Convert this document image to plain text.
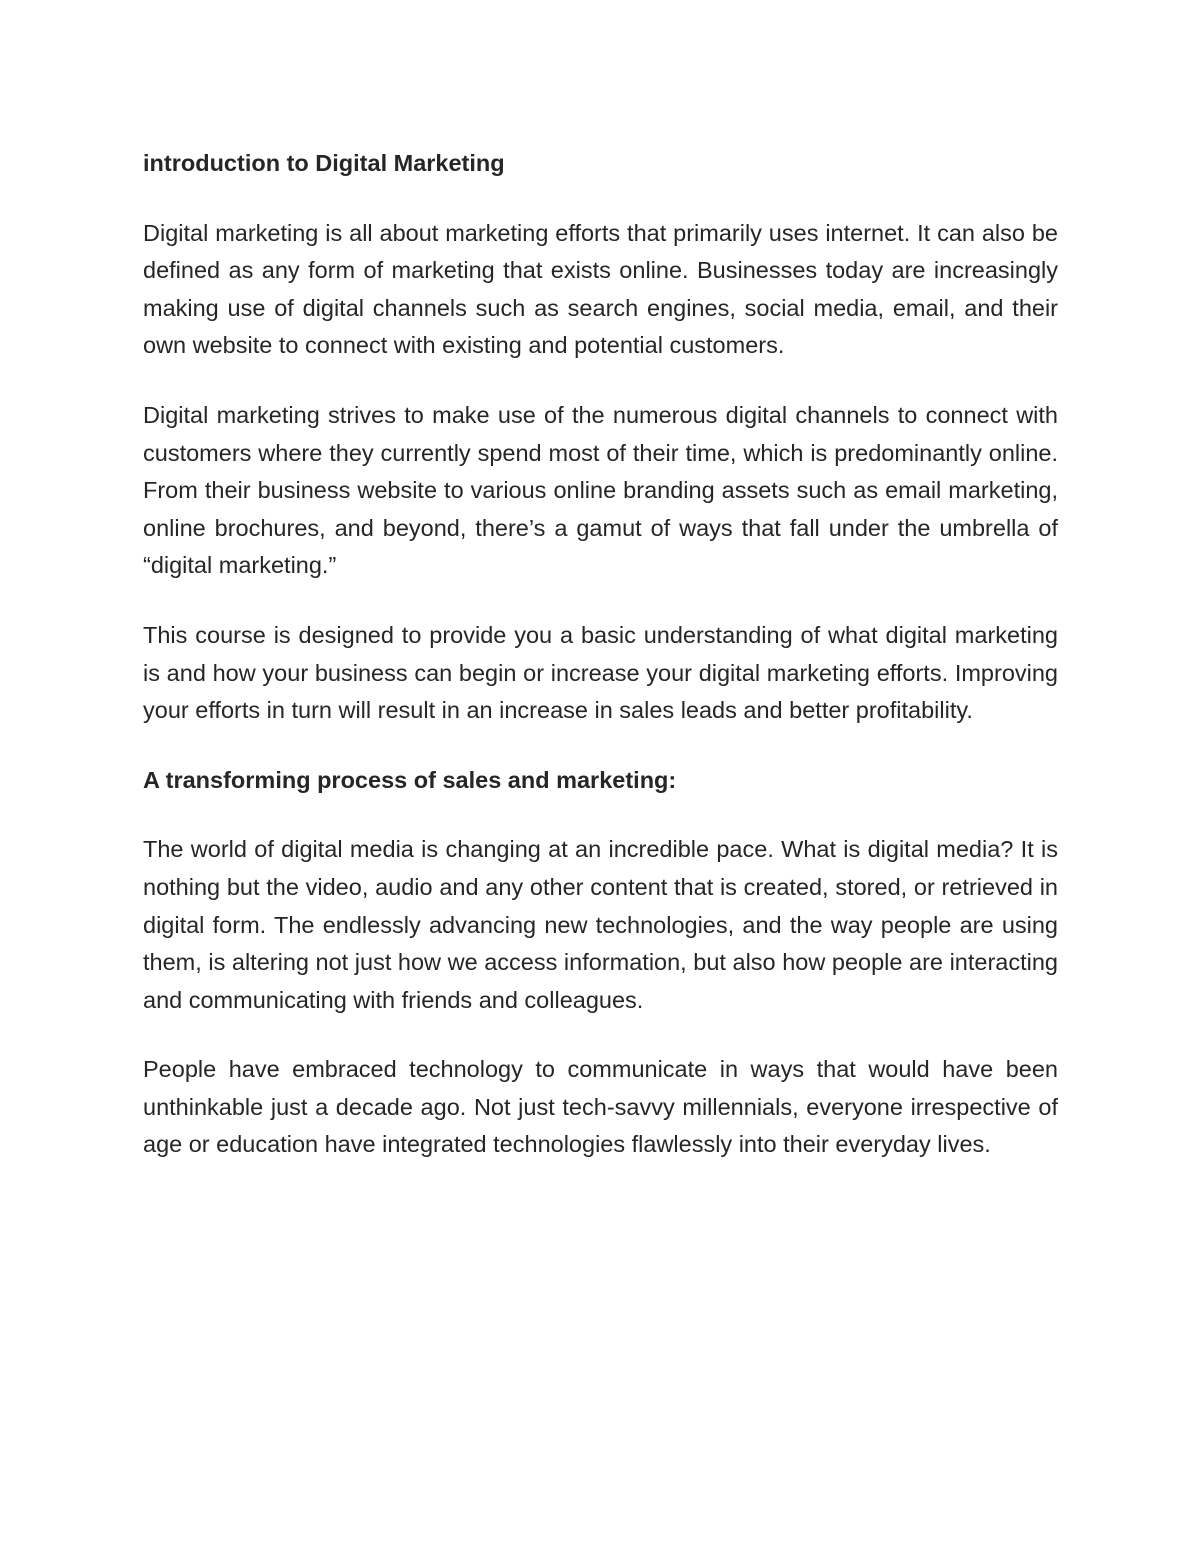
introduction to Digital Marketing

Digital marketing is all about marketing efforts that primarily uses internet. It can also be defined as any form of marketing that exists online. Businesses today are increasingly making use of digital channels such as search engines, social media, email, and their own website to connect with existing and potential customers.

Digital marketing strives to make use of the numerous digital channels to connect with customers where they currently spend most of their time, which is predominantly online. From their business website to various online branding assets such as email marketing, online brochures, and beyond, there’s a gamut of ways that fall under the umbrella of “digital marketing.”

This course is designed to provide you a basic understanding of what digital marketing is and how your business can begin or increase your digital marketing efforts. Improving your efforts in turn will result in an increase in sales leads and better profitability.

A transforming process of sales and marketing:

The world of digital media is changing at an incredible pace. What is digital media? It is nothing but the video, audio and any other content that is created, stored, or retrieved in digital form. The endlessly advancing new technologies, and the way people are using them, is altering not just how we access information, but also how people are interacting and communicating with friends and colleagues.

People have embraced technology to communicate in ways that would have been unthinkable just a decade ago. Not just tech-savvy millennials, everyone irrespective of age or education have integrated technologies flawlessly into their everyday lives.
